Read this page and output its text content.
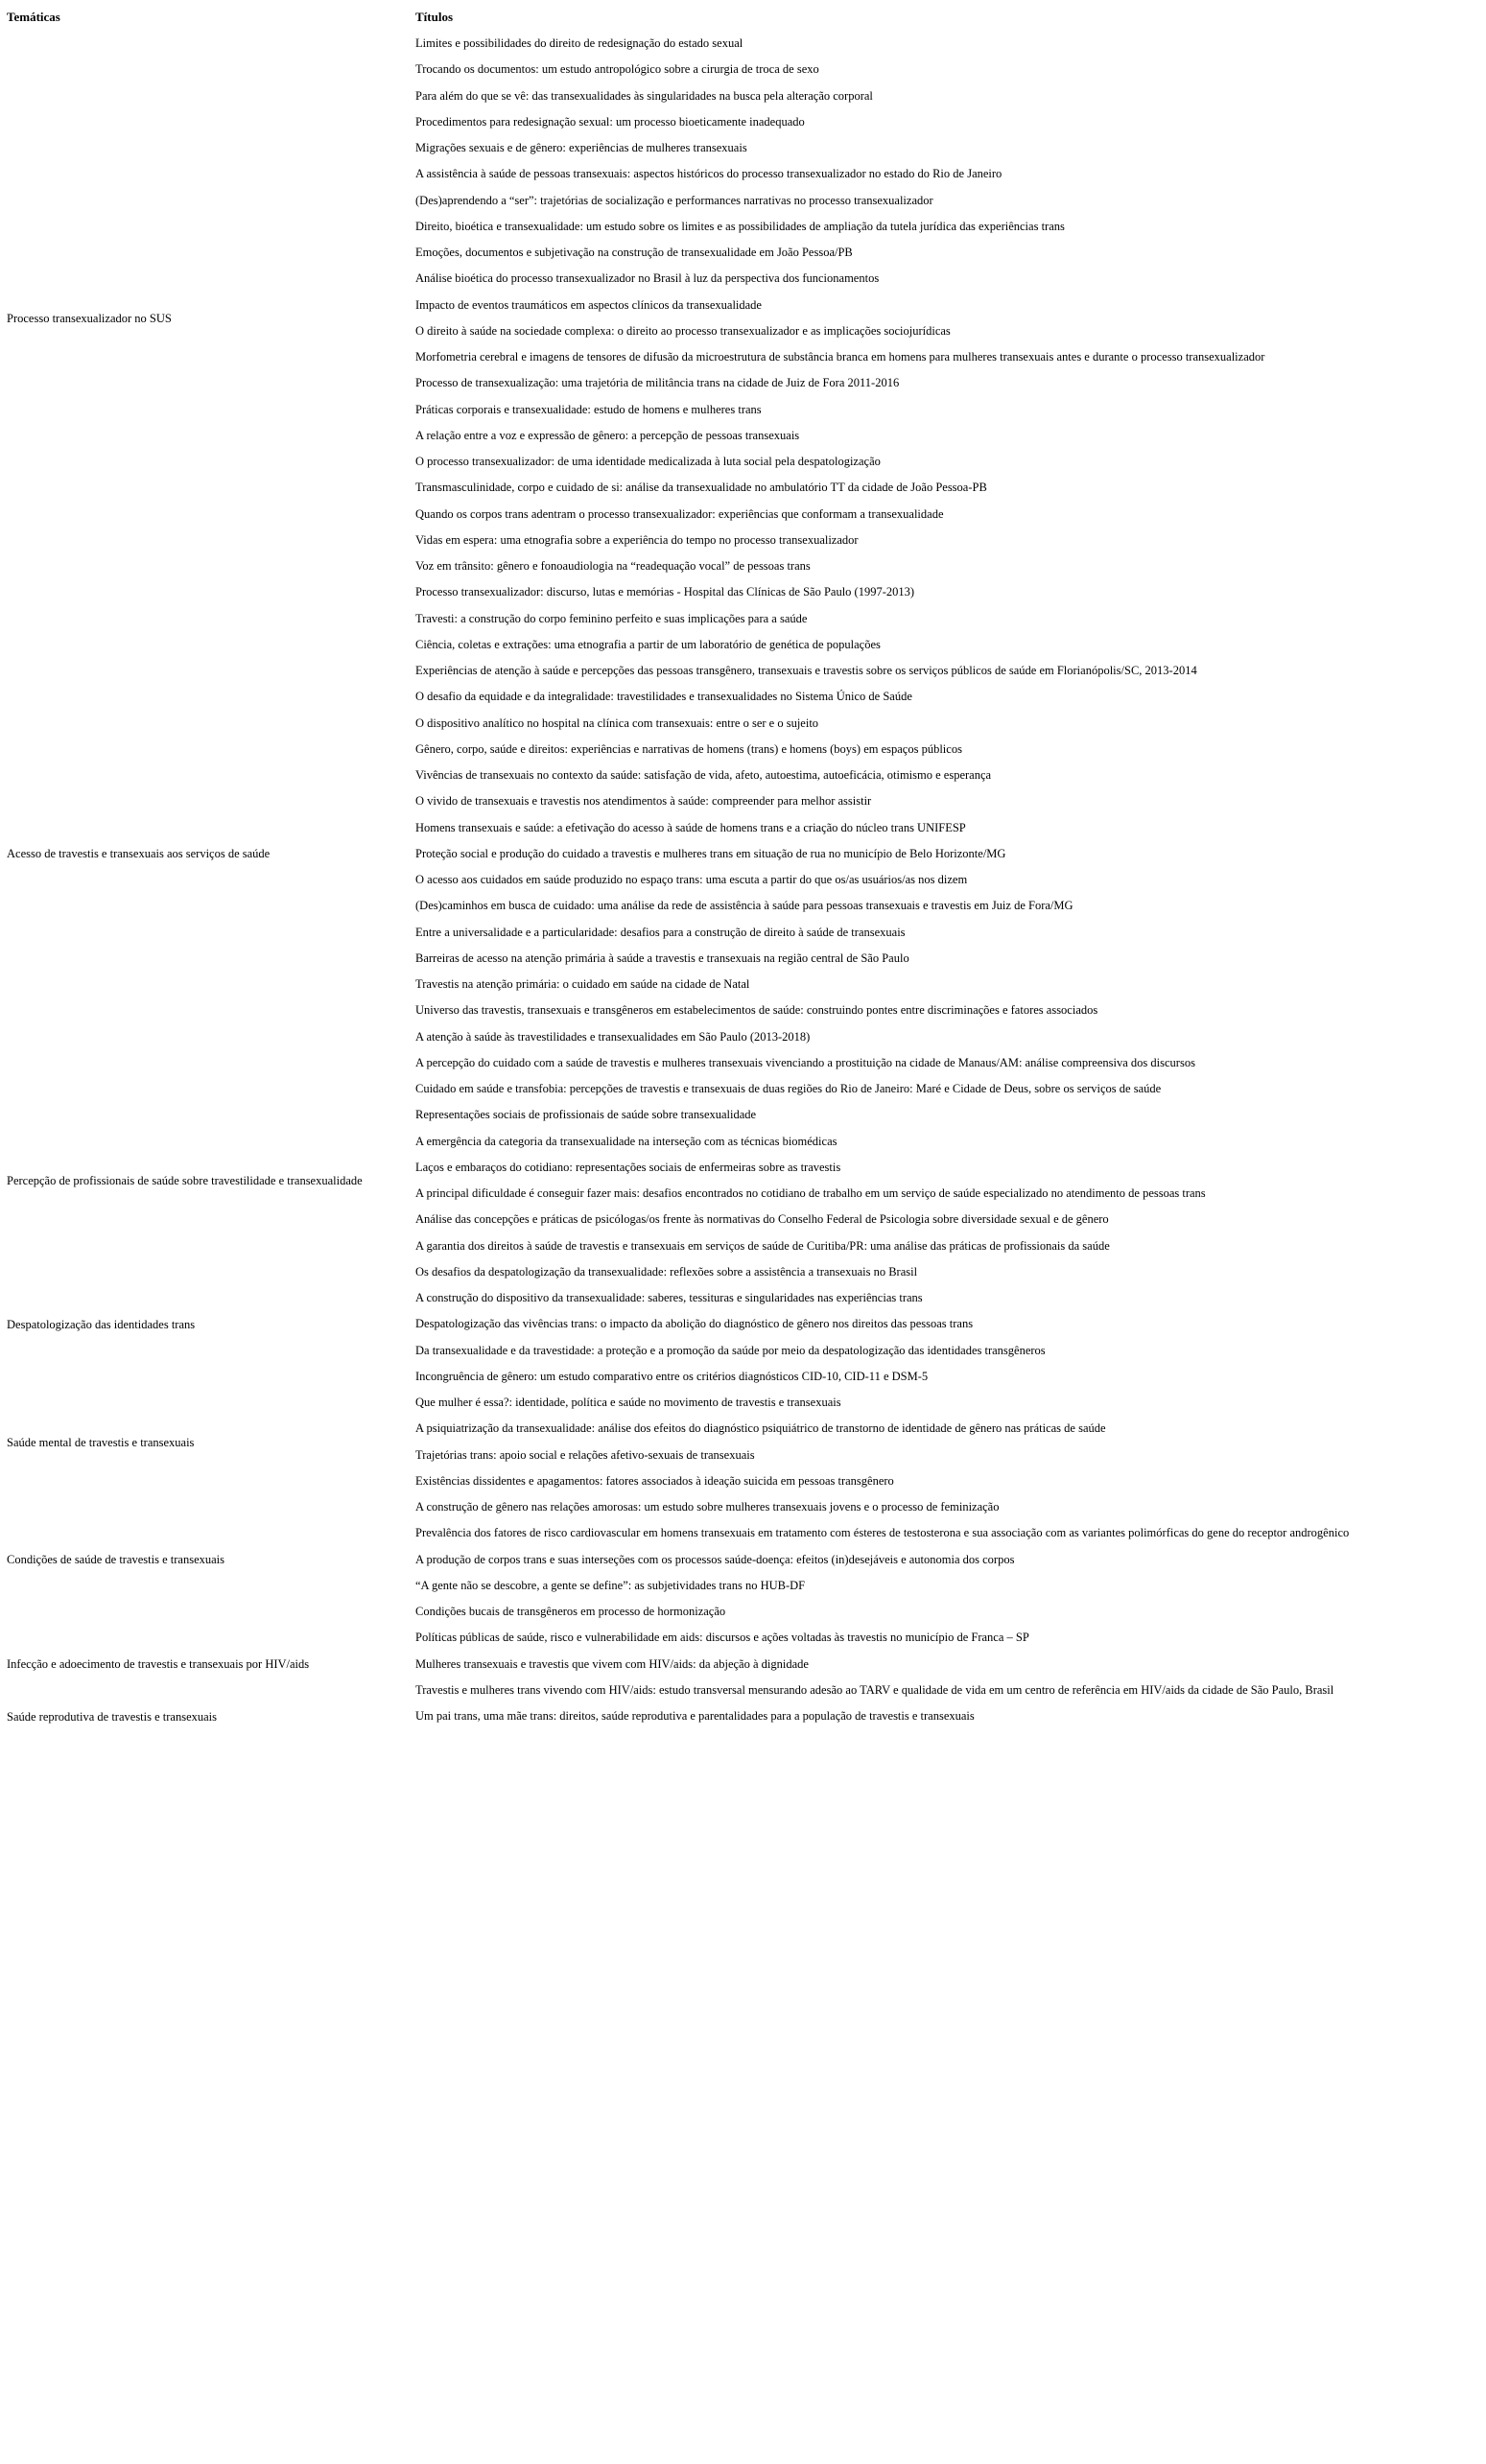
Temáticas	Títulos
Limites e possibilidades do direito de redesignação do estado sexual
Trocando os documentos: um estudo antropológico sobre a cirurgia de troca de sexo
Para além do que se vê: das transexualidades às singularidades na busca pela alteração corporal
Procedimentos para redesignação sexual: um processo bioeticamente inadequado
Migrações sexuais e de gênero: experiências de mulheres transexuais
A assistência à saúde de pessoas transexuais: aspectos históricos do processo transexualizador no estado do Rio de Janeiro
(Des)aprendendo a “ser”: trajetórias de socialização e performances narrativas no processo transexualizador
Direito, bioética e transexualidade: um estudo sobre os limites e as possibilidades de ampliação da tutela jurídica das experiências trans
Emoções, documentos e subjetivação na construção de transexualidade em João Pessoa/PB
Análise bioética do processo transexualizador no Brasil à luz da perspectiva dos funcionamentos
Impacto de eventos traumáticos em aspectos clínicos da transexualidade
O direito à saúde na sociedade complexa: o direito ao processo transexualizador e as implicações sociojurídicas
Morfometria cerebral e imagens de tensores de difusão da microestrutura de substância branca em homens para mulheres transexuais antes e durante o processo transexualizador
Processo de transexualização: uma trajetória de militância trans na cidade de Juiz de Fora 2011-2016
Práticas corporais e transexualidade: estudo de homens e mulheres trans
A relação entre a voz e expressão de gênero: a percepção de pessoas transexuais
O processo transexualizador: de uma identidade medicalizada à luta social pela despatologização
Transmasculinidade, corpo e cuidado de si: análise da transexualidade no ambulatório TT da cidade de João Pessoa-PB
Quando os corpos trans adentram o processo transexualizador: experiências que conformam a transexualidade
Vidas em espera: uma etnografia sobre a experiência do tempo no processo transexualizador
Voz em trânsito: gênero e fonoaudiologia na “readequação vocal” de pessoas trans
Processo transexualizador: discurso, lutas e memórias - Hospital das Clínicas de São Paulo (1997-2013)
Processo transexualizador no SUS
Travesti: a construção do corpo feminino perfeito e suas implicações para a saúde
Ciência, coletas e extrações: uma etnografia a partir de um laboratório de genética de populações
Experiências de atenção à saúde e percepções das pessoas transgênero, transexuais e travestis sobre os serviços públicos de saúde em Florianópolis/SC, 2013-2014
O desafio da equidade e da integralidade: travestilidades e transexualidades no Sistema Único de Saúde
O dispositivo analítico no hospital na clínica com transexuais: entre o ser e o sujeito
Gênero, corpo, saúde e direitos: experiências e narrativas de homens (trans) e homens (boys) em espaços públicos
Vivências de transexuais no contexto da saúde: satisfação de vida, afeto, autoestima, autoeficácia, otimismo e esperança
O vivido de transexuais e travestis nos atendimentos à saúde: compreender para melhor assistir
Homens transexuais e saúde: a efetivação do acesso à saúde de homens trans e a criação do núcleo trans UNIFESP
Proteção social e produção do cuidado a travestis e mulheres trans em situação de rua no município de Belo Horizonte/MG
O acesso aos cuidados em saúde produzido no espaço trans: uma escuta a partir do que os/as usuários/as nos dizem
(Des)caminhos em busca de cuidado: uma análise da rede de assistência à saúde para pessoas transexuais e travestis em Juiz de Fora/MG
Entre a universalidade e a particularidade: desafios para a construção de direito à saúde de transexuais
Barreiras de acesso na atenção primária à saúde a travestis e transexuais na região central de São Paulo
Travestis na atenção primária: o cuidado em saúde na cidade de Natal
Universo das travestis, transexuais e transgêneros em estabelecimentos de saúde: construindo pontes entre discriminações e fatores associados
A atenção à saúde às travestilidades e transexualidades em São Paulo (2013-2018)
A percepção do cuidado com a saúde de travestis e mulheres transexuais vivenciando a prostituição na cidade de Manaus/AM: análise compreensiva dos discursos
Cuidado em saúde e transfobia: percepções de travestis e transexuais de duas regiões do Rio de Janeiro: Maré e Cidade de Deus, sobre os serviços de saúde
Acesso de travestis e transexuais aos serviços de saúde
Representações sociais de profissionais de saúde sobre transexualidade
A emergência da categoria da transexualidade na interseção com as técnicas biomédicas
Laços e embaraços do cotidiano: representações sociais de enfermeiras sobre as travestis
A principal dificuldade é conseguir fazer mais: desafios encontrados no cotidiano de trabalho em um serviço de saúde especializado no atendimento de pessoas trans
Análise das concepções e práticas de psicólogas/os frente às normativas do Conselho Federal de Psicologia sobre diversidade sexual e de gênero
A garantia dos direitos à saúde de travestis e transexuais em serviços de saúde de Curitiba/PR: uma análise das práticas de profissionais da saúde
Percepção de profissionais de saúde sobre travestilidade e transexualidade
Os desafios da despatologização da transexualidade: reflexões sobre a assistência a transexuais no Brasil
A construção do dispositivo da transexualidade: saberes, tessituras e singularidades nas experiências trans
Despatologização das vivências trans: o impacto da abolição do diagnóstico de gênero nos direitos das pessoas trans
Da transexualidade e da travestidade: a proteção e a promoção da saúde por meio da despatologização das identidades transgêneros
Incongruência de gênero: um estudo comparativo entre os critérios diagnósticos CID-10, CID-11 e DSM-5
Despatologização das identidades trans
Que mulher é essa?: identidade, política e saúde no movimento de travestis e transexuais
A psiquiatrização da transexualidade: análise dos efeitos do diagnóstico psiquiátrico de transtorno de identidade de gênero nas práticas de saúde
Trajetórias trans: apoio social e relações afetivo-sexuais de transexuais
Existências dissidentes e apagamentos: fatores associados à ideação suicida em pessoas transgênero
Saúde mental de travestis e transexuais
A construção de gênero nas relações amorosas: um estudo sobre mulheres transexuais jovens e o processo de feminização
Prevalência dos fatores de risco cardiovascular em homens transexuais em tratamento com ésteres de testosterona e sua associação com as variantes polimórficas do gene do receptor androgênico
A produção de corpos trans e suas interseções com os processos saúde-doença: efeitos (in)desejáveis e autonomia dos corpos
“A gente não se descobre, a gente se define”: as subjetividades trans no HUB-DF
Condições bucais de transgêneros em processo de hormonização
Condições de saúde de travestis e transexuais
Políticas públicas de saúde, risco e vulnerabilidade em aids: discursos e ações voltadas às travestis no município de Franca – SP
Mulheres transexuais e travestis que vivem com HIV/aids: da abjeção à dignidade
Travestis e mulheres trans vivendo com HIV/aids: estudo transversal mensurando adesão ao TARV e qualidade de vida em um centro de referência em HIV/aids da cidade de São Paulo, Brasil
Infecção e adoecimento de travestis e transexuais por HIV/aids
Um pai trans, uma mãe trans: direitos, saúde reprodutiva e parentalidades para a população de travestis e transexuais
Saúde reprodutiva de travestis e transexuais
